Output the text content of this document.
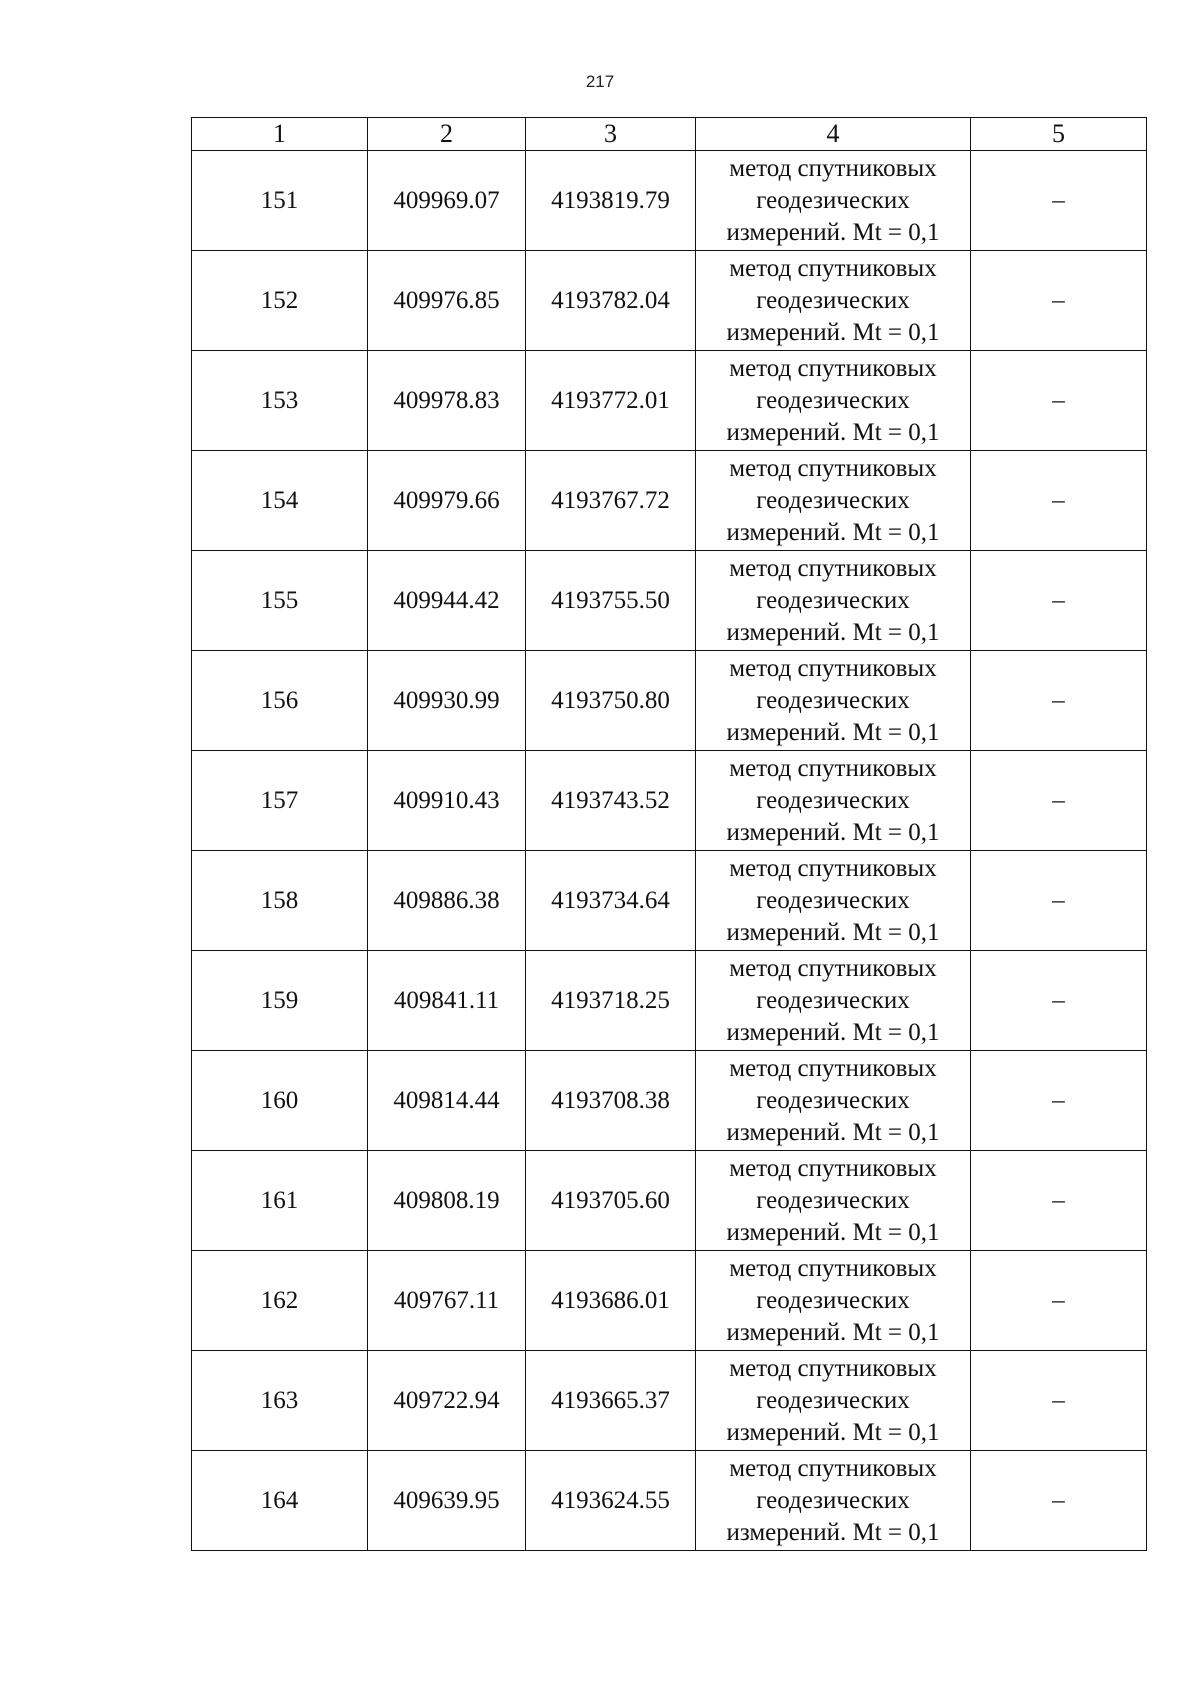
217
1	2	3	4	5
151	409969.07	4193819.79	метод спутниковых
геодезических
измерений. Mt = 0,1	–
152	409976.85	4193782.04	метод спутниковых
геодезических
измерений. Mt = 0,1	–
153	409978.83	4193772.01	метод спутниковых
геодезических
измерений. Mt = 0,1	–
154	409979.66	4193767.72	метод спутниковых
геодезических
измерений. Mt = 0,1	–
155	409944.42	4193755.50	метод спутниковых
геодезических
измерений. Mt = 0,1	–
156	409930.99	4193750.80	метод спутниковых
геодезических
измерений. Mt = 0,1	–
157	409910.43	4193743.52	метод спутниковых
геодезических
измерений. Mt = 0,1	–
158	409886.38	4193734.64	метод спутниковых
геодезических
измерений. Mt = 0,1	–
159	409841.11	4193718.25	метод спутниковых
геодезических
измерений. Mt = 0,1	–
160	409814.44	4193708.38	метод спутниковых
геодезических
измерений. Mt = 0,1	–
161	409808.19	4193705.60	метод спутниковых
геодезических
измерений. Mt = 0,1	–
162	409767.11	4193686.01	метод спутниковых
геодезических
измерений. Mt = 0,1	–
163	409722.94	4193665.37	метод спутниковых
геодезических
измерений. Mt = 0,1	–
164	409639.95	4193624.55	метод спутниковых
геодезических
измерений. Mt = 0,1	–
